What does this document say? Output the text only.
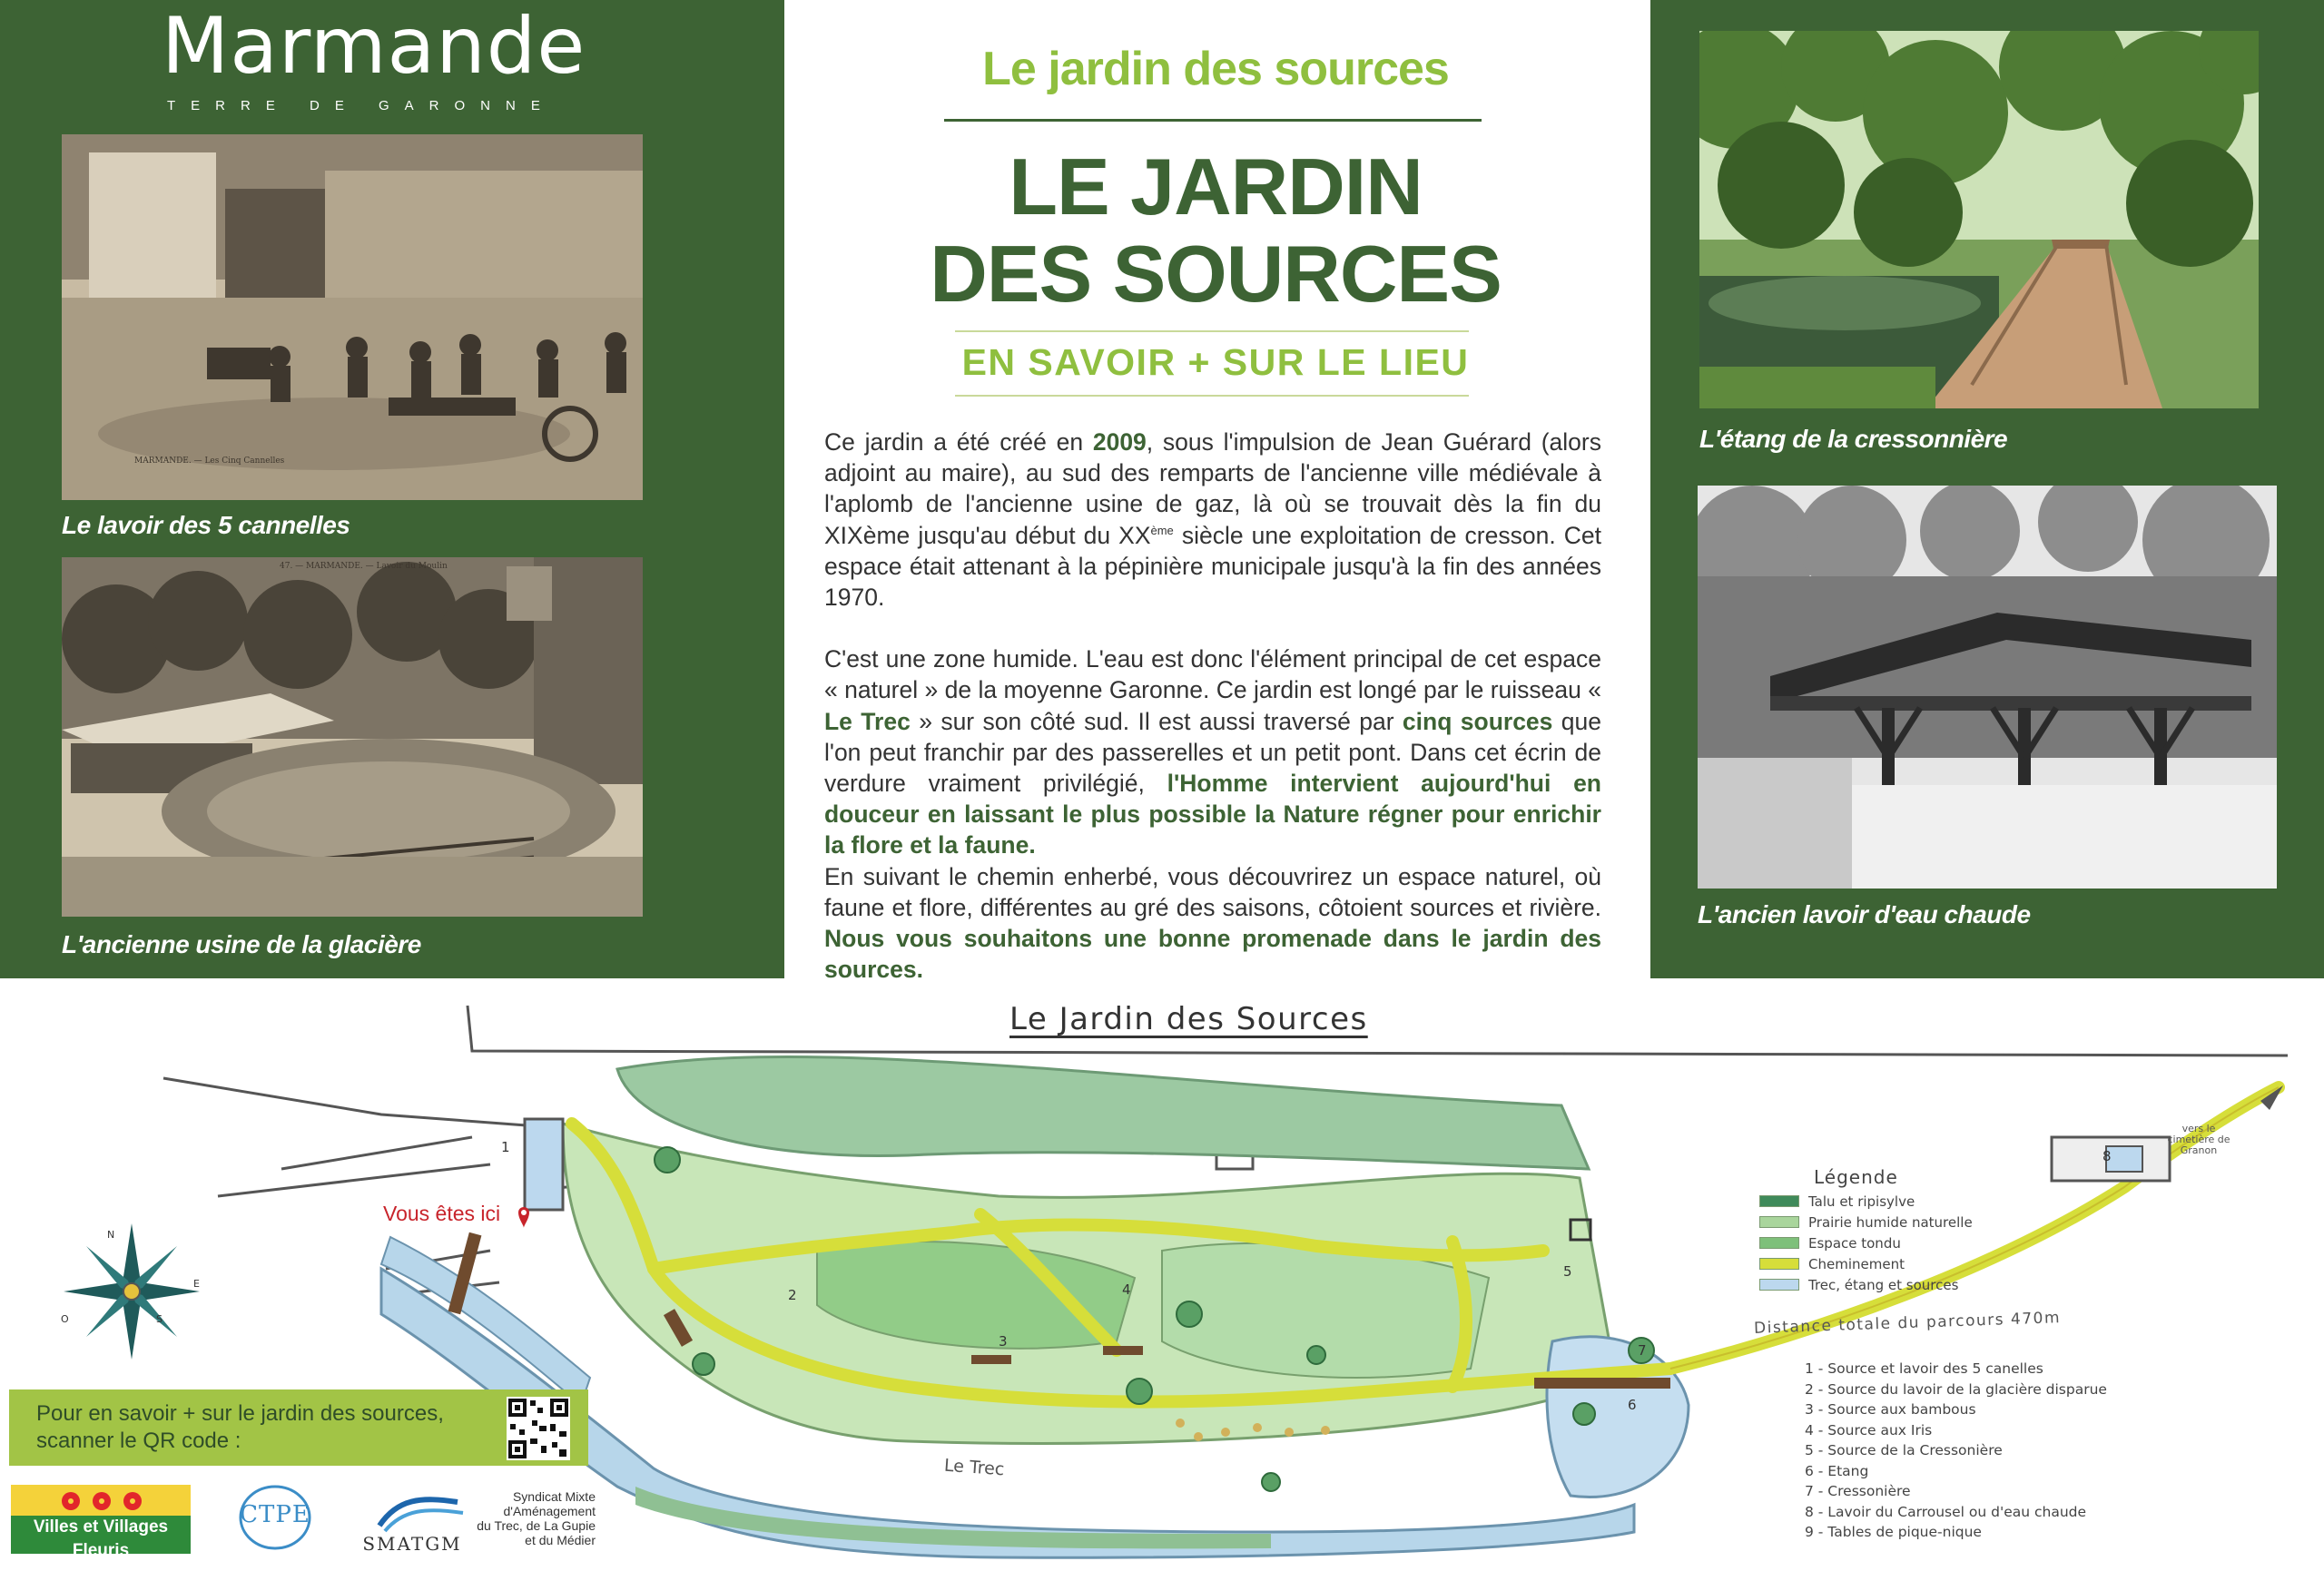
Marmande
TERRE DE GARONNE
MARMANDE. — Les Cinq Cannelles
Le lavoir des 5 cannelles
47. — MARMANDE. — Lavoir du Moulin
L'ancienne usine de la glacière
Le jardin des sources
LE JARDIN
DES SOURCES
EN SAVOIR + SUR LE LIEU

Ce jardin a été créé en 2009, sous l'impulsion de Jean Guérard (alors adjoint au maire), au sud des remparts de l'ancienne ville médiévale à l'aplomb de l'ancienne usine de gaz, là où se trouvait dès la fin du XIXème jusqu'au début du XXème siècle une exploitation de cresson. Cet espace était attenant à la pépinière municipale jusqu'à la fin des années 1970.

C'est une zone humide. L'eau est donc l'élément principal de cet espace « naturel » de la moyenne Garonne. Ce jardin est longé par le ruisseau « Le Trec » sur son côté sud. Il est aussi traversé par cinq sources que l'on peut franchir par des passerelles et un petit pont. Dans cet écrin de verdure vraiment privilégié, l'Homme intervient aujourd'hui en douceur en laissant le plus possible la Nature régner pour enrichir la flore et la faune.

En suivant le chemin enherbé, vous découvrirez un espace naturel, où faune et flore, différentes au gré des saisons, côtoient sources et rivière. Nous vous souhaitons une bonne promenade dans le jardin des sources.

L'étang de la cressonnière
L'ancien lavoir d'eau chaude
Le Jardin des Sources
1
2
3
4
5
6
7
8
N
E
S
O
Vous êtes ici
Le Trec
vers le cimetière de Granon
Distance totale du parcours 470m
Légende
Talu et ripisylve
Prairie humide naturelle
Espace tondu
Cheminement
Trec, étang et sources
1 - Source et lavoir des 5 canelles
2 - Source du lavoir de la glacière disparue
3 - Source aux bambous
4 - Source aux Iris
5 - Source de la Cressonière
6 - Etang
7 - Cressonière
8 - Lavoir du Carrousel ou d'eau chaude
9 - Tables de pique-nique
Pour en savoir + sur le jardin des sources,
scanner le QR code :
Villes et Villages Fleuris
LE LABEL NATIONAL DE LA QUALITÉ DE VIE
CTPE
SMATGM
Syndicat Mixte
d'Aménagement
du Trec, de La Gupie
et du Médier
